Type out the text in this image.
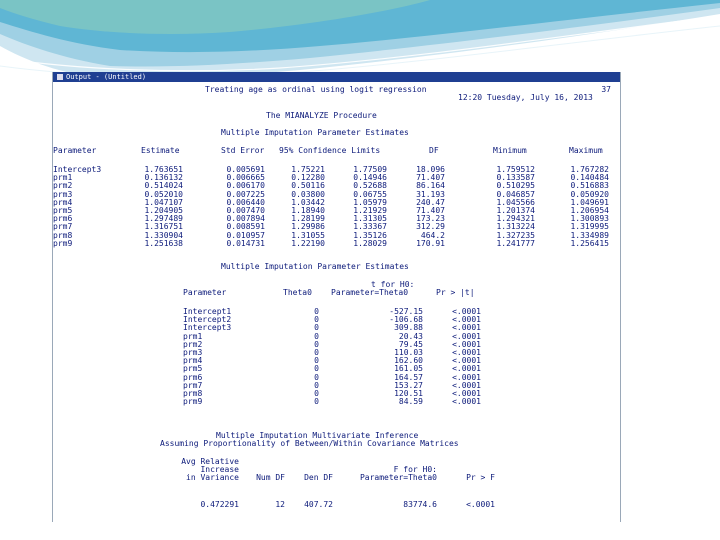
Output - (Untitled)
Treating age as ordinal using logit regression	37
12:20 Tuesday, July 16, 2013
The MIANALYZE Procedure
Multiple Imputation Parameter Estimates
Multiple Imputation Parameter Estimates
t for H0:
Multiple Imputation Multivariate Inference
Assuming Proportionality of Between/Within Covariance Matrices
Parameter	Estimate	Std Error 95% Confidence Limits	DF	Minimum	Maximum
Intercept3	1.763651	0.005691	1.75221	1.77509	18.096	1.759512	1.767282
prm1	0.136132	0.006665	0.12280	0.14946	71.407	0.133587	0.140484
prm2	0.514024	0.006170	0.50116	0.52688	86.164	0.510295	0.516883
prm3	0.052010	0.007225	0.03800	0.06755	31.193	0.046857	0.050920
prm4	1.047107	0.006440	1.03442	1.05979	240.47	1.045566	1.049691
prm5	1.204905	0.007470	1.18940	1.21929	71.407	1.201374	1.206954
prm6	1.297489	0.007894	1.28199	1.31305	173.23	1.294321	1.300893
prm7	1.316751	0.008591	1.29986	1.33367	312.29	1.313224	1.319995
prm8	1.330904	0.010957	1.31055	1.35126	464.2	1.327235	1.334989
prm9	1.251638	0.014731	1.22190	1.28029	170.91	1.241777	1.256415
Parameter	Theta0 Parameter=Theta0	Pr > |t|
Intercept1	0	-527.15	<.0001
Intercept2	0	-106.68	<.0001
Intercept3	0	309.88	<.0001
prm1	0	20.43	<.0001
prm2	0	79.45	<.0001
prm3	0	110.03	<.0001
prm4	0	162.60	<.0001
prm5	0	161.05	<.0001
prm6	0	164.57	<.0001
prm7	0	153.27	<.0001
prm8	0	120.51	<.0001
prm9	0	84.59	<.0001
Avg Relative
Increase	F for H0:
in Variance	Num DF	Den DF	Parameter=Theta0	Pr > F
0.472291	12	407.72	83774.6	<.0001
